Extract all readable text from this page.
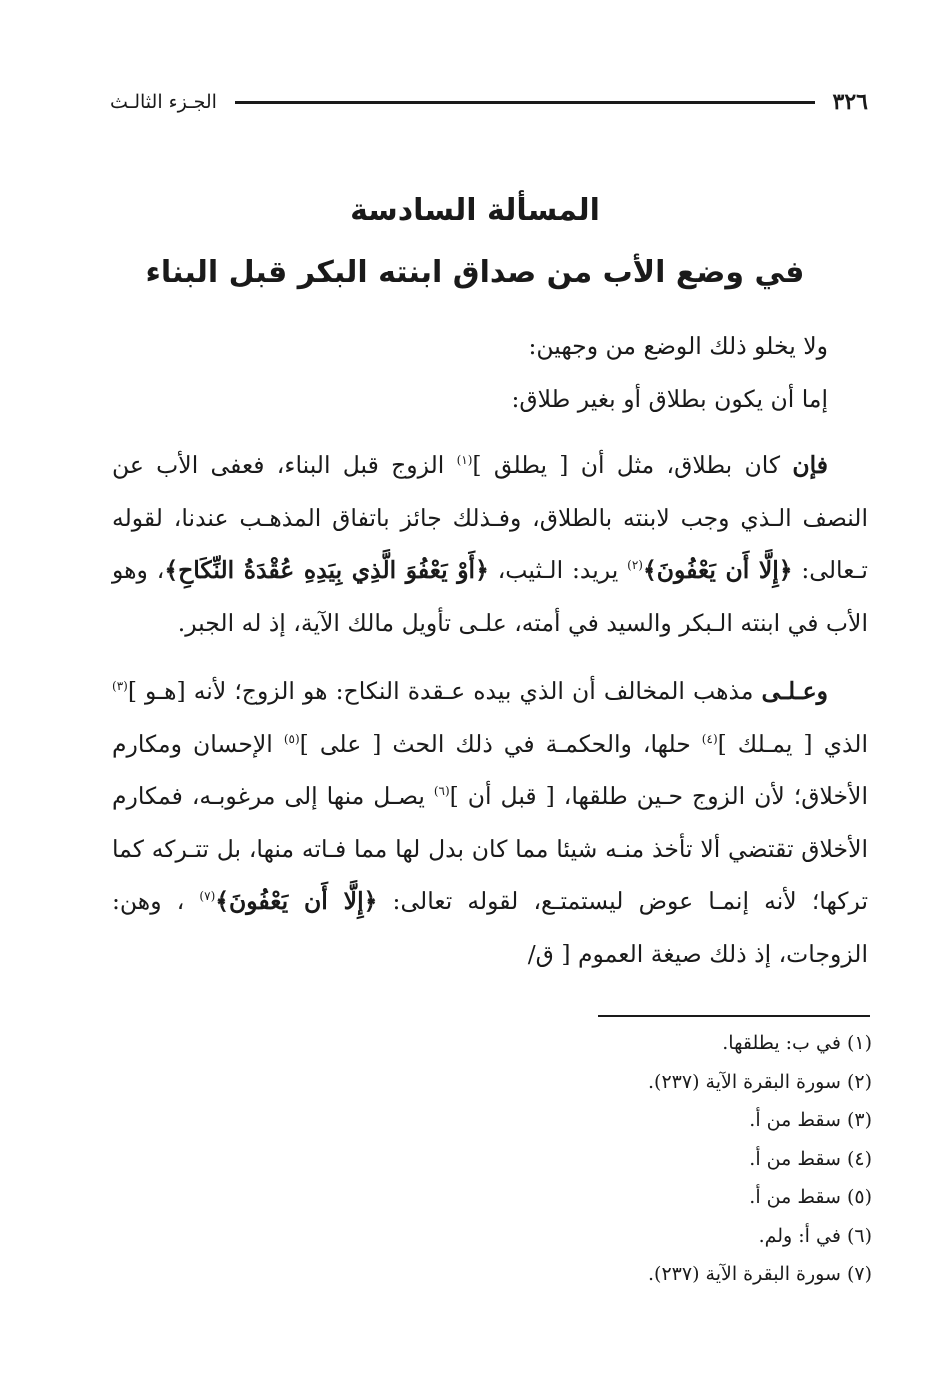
٣٢٦
الجـزء الثالـث
المسألة السادسة
في وضع الأب من صداق ابنته البكر قبل البناء

ولا يخلو ذلك الوضع من وجهين:

إما أن يكون بطلاق أو بغير طلاق:

فإن كان بطلاق، مثل أن [ يطلق ]$^{(١)}$ الزوج قبل البناء، فعفى الأب عن النصف الـذي وجب لابنته بالطلاق، وفـذلك جائز باتفاق المذهـب عندنا، لقوله تـعالى: ﴿إِلَّا أَن يَعْفُونَ﴾$^{(٢)}$ يريد: الـثيب، ﴿أَوْ يَعْفُوَ الَّذِي بِيَدِهِ عُقْدَةُ النِّكَاحِ﴾، وهو الأب في ابنته الـبكر والسيد في أمته، علـى تأويل مالك الآية، إذ له الجبر.

وعـلـى مذهب المخالف أن الذي بيده عـقدة النكاح: هو الزوج؛ لأنه [هـو ]$^{(٣)}$ الذي [ يمـلك ]$^{(٤)}$ حلها، والحكمـة في ذلك الحث [ على ]$^{(٥)}$ الإحسان ومكارم الأخلاق؛ لأن الزوج حـين طلقها، [ قبل أن ]$^{(٦)}$ يصـل منها إلى مرغوبـه، فمكارم الأخلاق تقتضي ألا تأخذ منـه شيئا مما كان بدل لها مما فـاته منها، بل تتـركه كما تركها؛ لأنه إنمـا عوض ليستمتـع، لقوله تعالى: ﴿إِلَّا أَن يَعْفُونَ﴾$^{(٧)}$ ، وهن: الزوجات، إذ ذلك صيغة العموم [ ق/

(١) في ب: يطلقها.
(٢) سورة البقرة الآية (٢٣٧).
(٣) سقط من أ.
(٤) سقط من أ.
(٥) سقط من أ.
(٦) في أ: ولم.
(٧) سورة البقرة الآية (٢٣٧).
